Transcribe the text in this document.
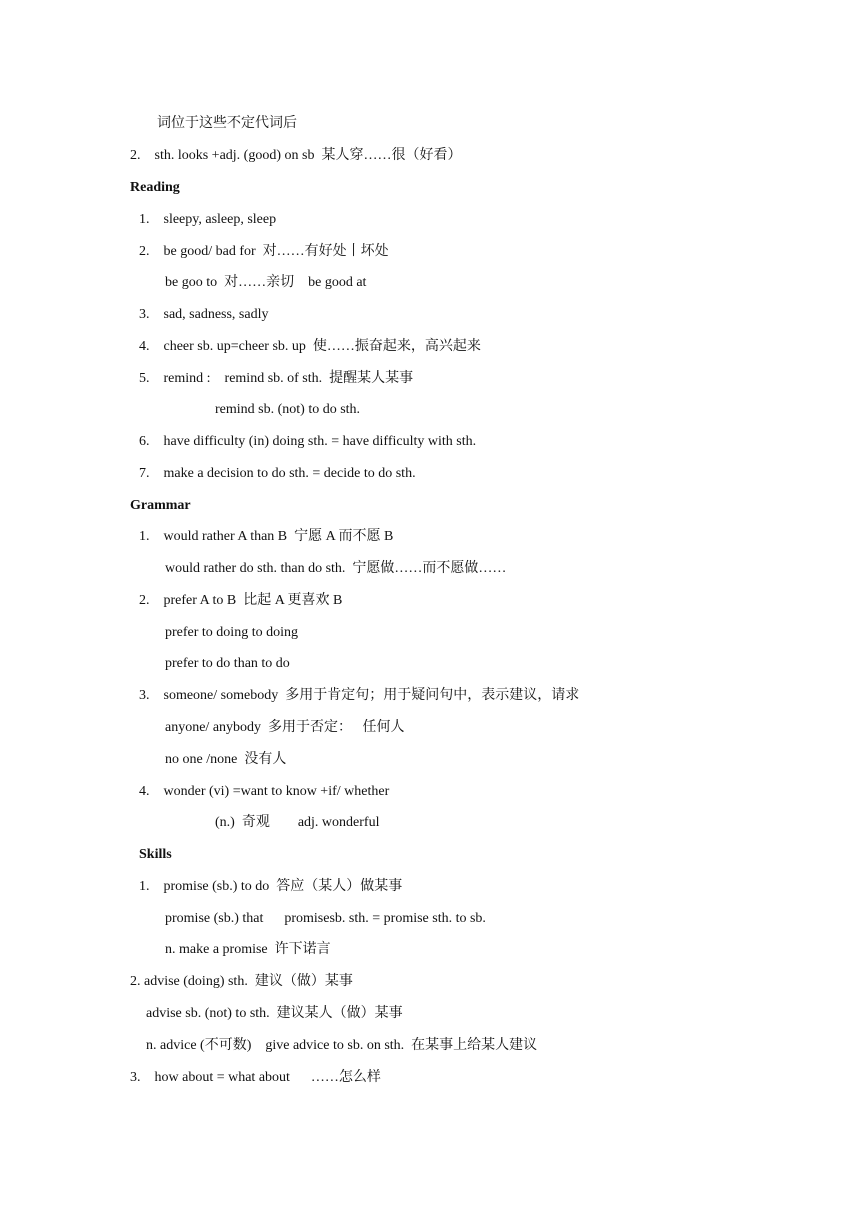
词位于这些不定代词后
2.    sth. looks +adj. (good) on sb  某人穿……很（好看）
Reading
1.    sleepy, asleep, sleep
2.    be good/ bad for  对……有好处丨坏处
be goo to  对……亲切    be good at
3.    sad, sadness, sadly
4.    cheer sb. up=cheer sb. up  使……振奋起来，高兴起来
5.    remind :    remind sb. of sth.  提醒某人某事
remind sb. (not) to do sth.
6.    have difficulty (in) doing sth. = have difficulty with sth.
7.    make a decision to do sth. = decide to do sth.
Grammar
1.    would rather A than B  宁愿 A 而不愿 B
would rather do sth. than do sth.  宁愿做……而不愿做……
2.    prefer A to B  比起 A 更喜欢 B
prefer to doing to doing
prefer to do than to do
3.    someone/ somebody  多用于肯定句；用于疑问句中，表示建议，请求
anyone/ anybody  多用于否定：   任何人
no one /none  没有人
4.    wonder (vi) =want to know +if/ whether
(n.)  奇观        adj. wonderful
Skills
1.    promise (sb.) to do  答应（某人）做某事
promise (sb.) that      promisesb. sth. = promise sth. to sb.
n. make a promise  许下诺言
2. advise (doing) sth.  建议（做）某事
advise sb. (not) to sth.  建议某人（做）某事
n. advice (不可数)    give advice to sb. on sth.  在某事上给某人建议
3.    how about = what about      ……怎么样
